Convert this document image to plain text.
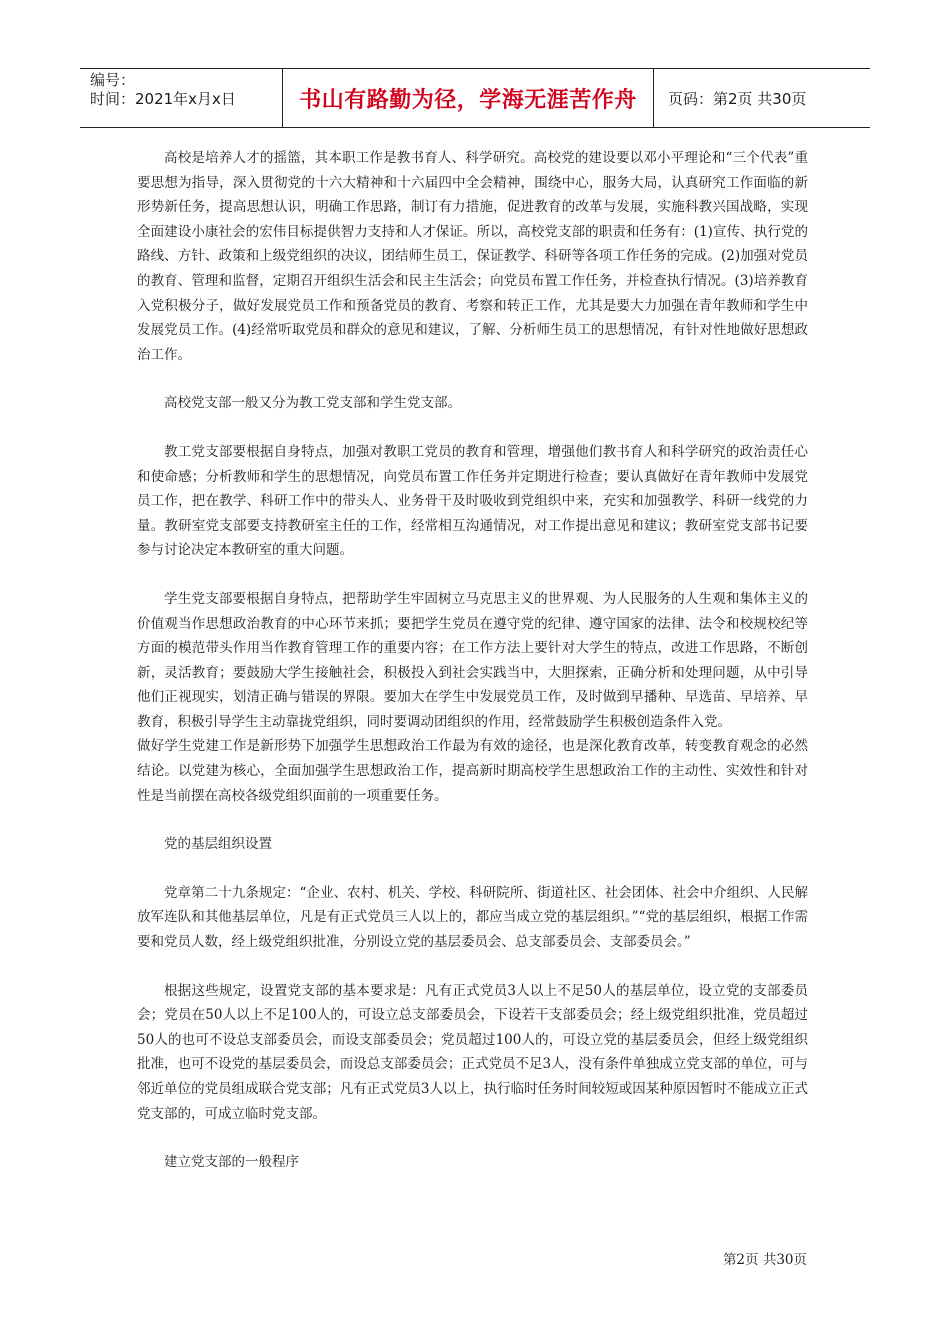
编号：
时间：2021年x月x日	书山有路勤为径，学海无涯苦作舟	页码：第2页 共30页

高校是培养人才的摇篮，其本职工作是教书育人、科学研究。高校党的建设要以邓小平理论和“三个代表”重要思想为指导，深入贯彻党的十六大精神和十六届四中全会精神，围绕中心，服务大局，认真研究工作面临的新形势新任务，提高思想认识，明确工作思路，制订有力措施，促进教育的改革与发展，实施科教兴国战略，实现全面建设小康社会的宏伟目标提供智力支持和人才保证。所以，高校党支部的职责和任务有：(1)宣传、执行党的路线、方针、政策和上级党组织的决议，团结师生员工，保证教学、科研等各项工作任务的完成。(2)加强对党员的教育、管理和监督，定期召开组织生活会和民主生活会；向党员布置工作任务，并检查执行情况。(3)培养教育入党积极分子，做好发展党员工作和预备党员的教育、考察和转正工作，尤其是要大力加强在青年教师和学生中发展党员工作。(4)经常听取党员和群众的意见和建议，了解、分析师生员工的思想情况，有针对性地做好思想政治工作。

高校党支部一般又分为教工党支部和学生党支部。

教工党支部要根据自身特点，加强对教职工党员的教育和管理，增强他们教书育人和科学研究的政治责任心和使命感；分析教师和学生的思想情况，向党员布置工作任务并定期进行检查；要认真做好在青年教师中发展党员工作，把在教学、科研工作中的带头人、业务骨干及时吸收到党组织中来，充实和加强教学、科研一线党的力量。教研室党支部要支持教研室主任的工作，经常相互沟通情况，对工作提出意见和建议；教研室党支部书记要参与讨论决定本教研室的重大问题。

学生党支部要根据自身特点，把帮助学生牢固树立马克思主义的世界观、为人民服务的人生观和集体主义的价值观当作思想政治教育的中心环节来抓；要把学生党员在遵守党的纪律、遵守国家的法律、法令和校规校纪等方面的模范带头作用当作教育管理工作的重要内容；在工作方法上要针对大学生的特点，改进工作思路，不断创新，灵活教育；要鼓励大学生接触社会，积极投入到社会实践当中，大胆探索，正确分析和处理问题，从中引导他们正视现实，划清正确与错误的界限。要加大在学生中发展党员工作，及时做到早播种、早选苗、早培养、早教育，积极引导学生主动靠拢党组织，同时要调动团组织的作用，经常鼓励学生积极创造条件入党。

做好学生党建工作是新形势下加强学生思想政治工作最为有效的途径，也是深化教育改革，转变教育观念的必然结论。以党建为核心，全面加强学生思想政治工作，提高新时期高校学生思想政治工作的主动性、实效性和针对性是当前摆在高校各级党组织面前的一项重要任务。

党的基层组织设置

党章第二十九条规定：“企业、农村、机关、学校、科研院所、街道社区、社会团体、社会中介组织、人民解放军连队和其他基层单位，凡是有正式党员三人以上的，都应当成立党的基层组织。”“党的基层组织，根据工作需要和党员人数，经上级党组织批准，分别设立党的基层委员会、总支部委员会、支部委员会。”

根据这些规定，设置党支部的基本要求是：凡有正式党员3人以上不足50人的基层单位，设立党的支部委员会；党员在50人以上不足100人的，可设立总支部委员会，下设若干支部委员会；经上级党组织批准，党员超过50人的也可不设总支部委员会，而设支部委员会；党员超过100人的，可设立党的基层委员会，但经上级党组织批准，也可不设党的基层委员会，而设总支部委员会；正式党员不足3人，没有条件单独成立党支部的单位，可与邻近单位的党员组成联合党支部；凡有正式党员3人以上，执行临时任务时间较短或因某种原因暂时不能成立正式党支部的，可成立临时党支部。

建立党支部的一般程序

第2页 共30页
